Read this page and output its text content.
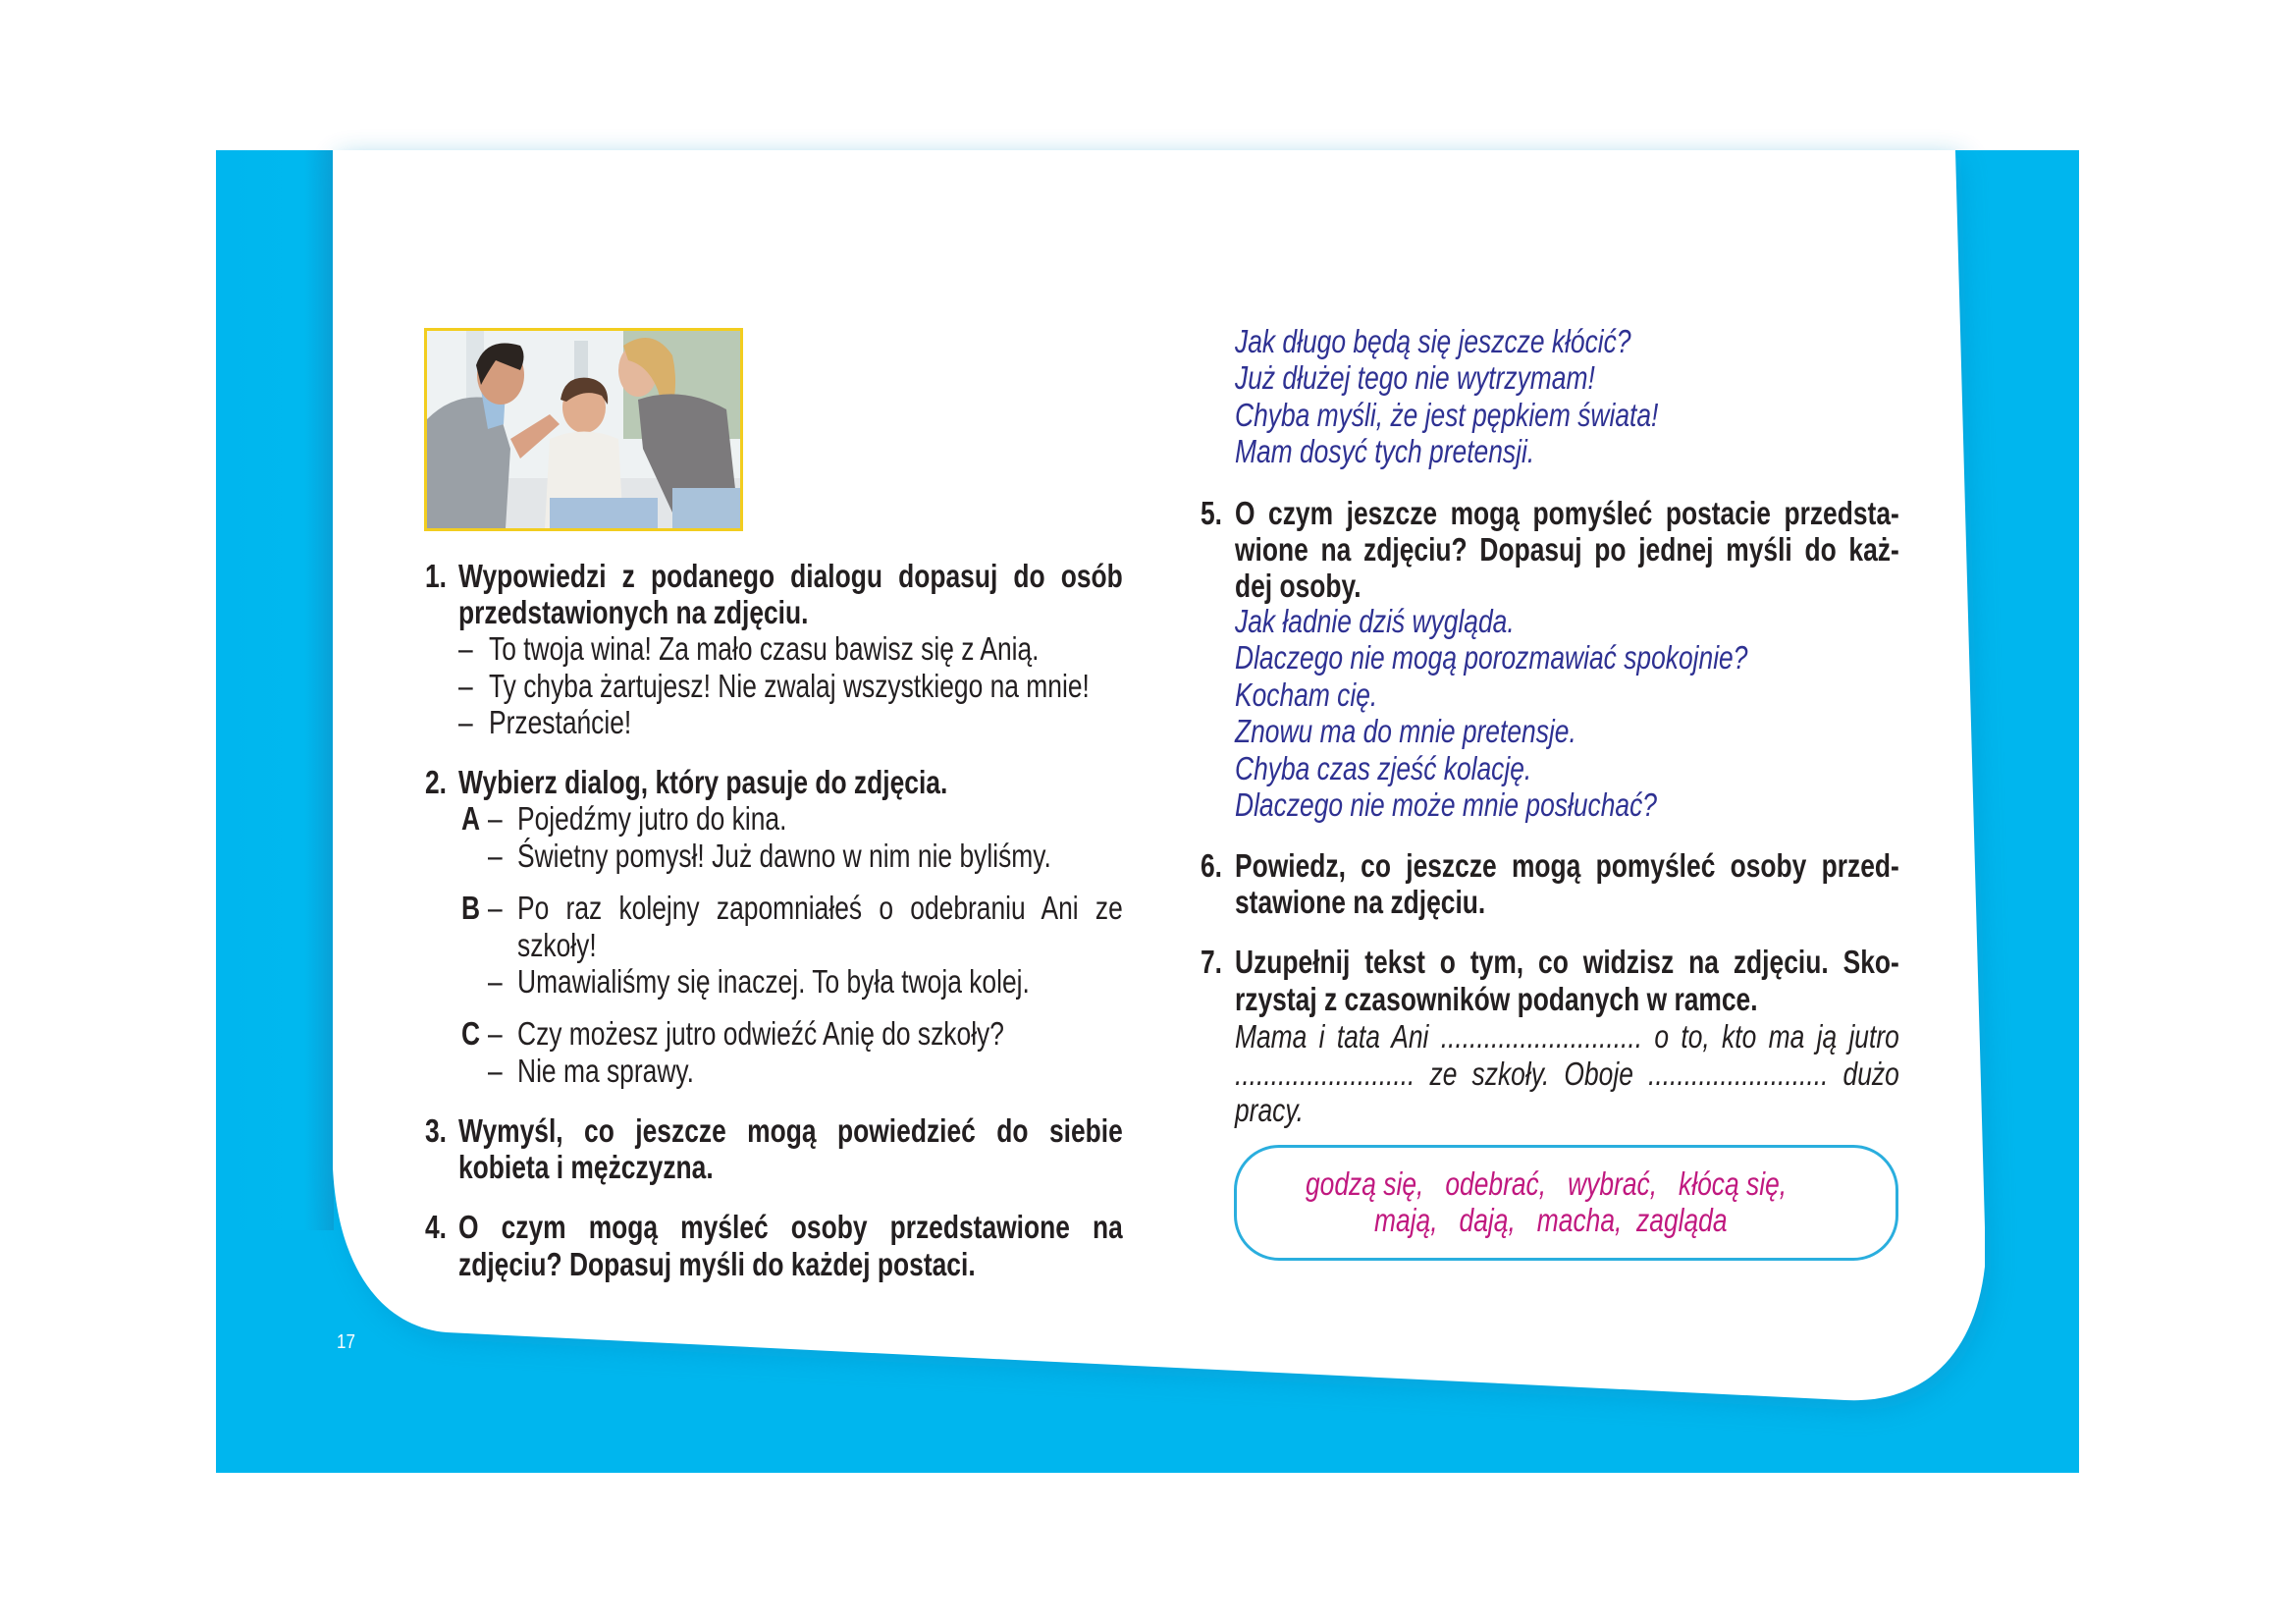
1. Wypowiedzi z podanego dialogu dopasuj do osób
przedstawionych na zdjęciu.
– To twoja wina! Za mało czasu bawisz się z Anią.
– Ty chyba żartujesz! Nie zwalaj wszystkiego na mnie!
– Przestańcie!
2. Wybierz dialog, który pasuje do zdjęcia.
A – Pojedźmy jutro do kina.
– Świetny pomysł! Już dawno w nim nie byliśmy.
B – Po raz kolejny zapomniałeś o odebraniu Ani ze
szkoły!
– Umawialiśmy się inaczej. To była twoja kolej.
C – Czy możesz jutro odwieźć Anię do szkoły?
– Nie ma sprawy.
3. Wymyśl, co jeszcze mogą powiedzieć do siebie
kobieta i mężczyzna.
4. O czym mogą myśleć osoby przedstawione na
zdjęciu? Dopasuj myśli do każdej postaci.
17
Jak długo będą się jeszcze kłócić?
Już dłużej tego nie wytrzymam!
Chyba myśli, że jest pępkiem świata!
Mam dosyć tych pretensji.
5. O czym jeszcze mogą pomyśleć postacie przedsta-
wione na zdjęciu? Dopasuj po jednej myśli do każ-
dej osoby.
Jak ładnie dziś wygląda.
Dlaczego nie mogą porozmawiać spokojnie?
Kocham cię.
Znowu ma do mnie pretensje.
Chyba czas zjeść kolację.
Dlaczego nie może mnie posłuchać?
6. Powiedz, co jeszcze mogą pomyśleć osoby przed-
stawione na zdjęciu.
7. Uzupełnij tekst o tym, co widzisz na zdjęciu. Sko-
rzystaj z czasowników podanych w ramce.
Mama i tata Ani ............................ o to, kto ma ją jutro
......................... ze szkoły. Oboje ......................... dużo
pracy.
godzą się,   odebrać,   wybrać,   kłócą się,
mają,   dają,   macha,  zagląda
